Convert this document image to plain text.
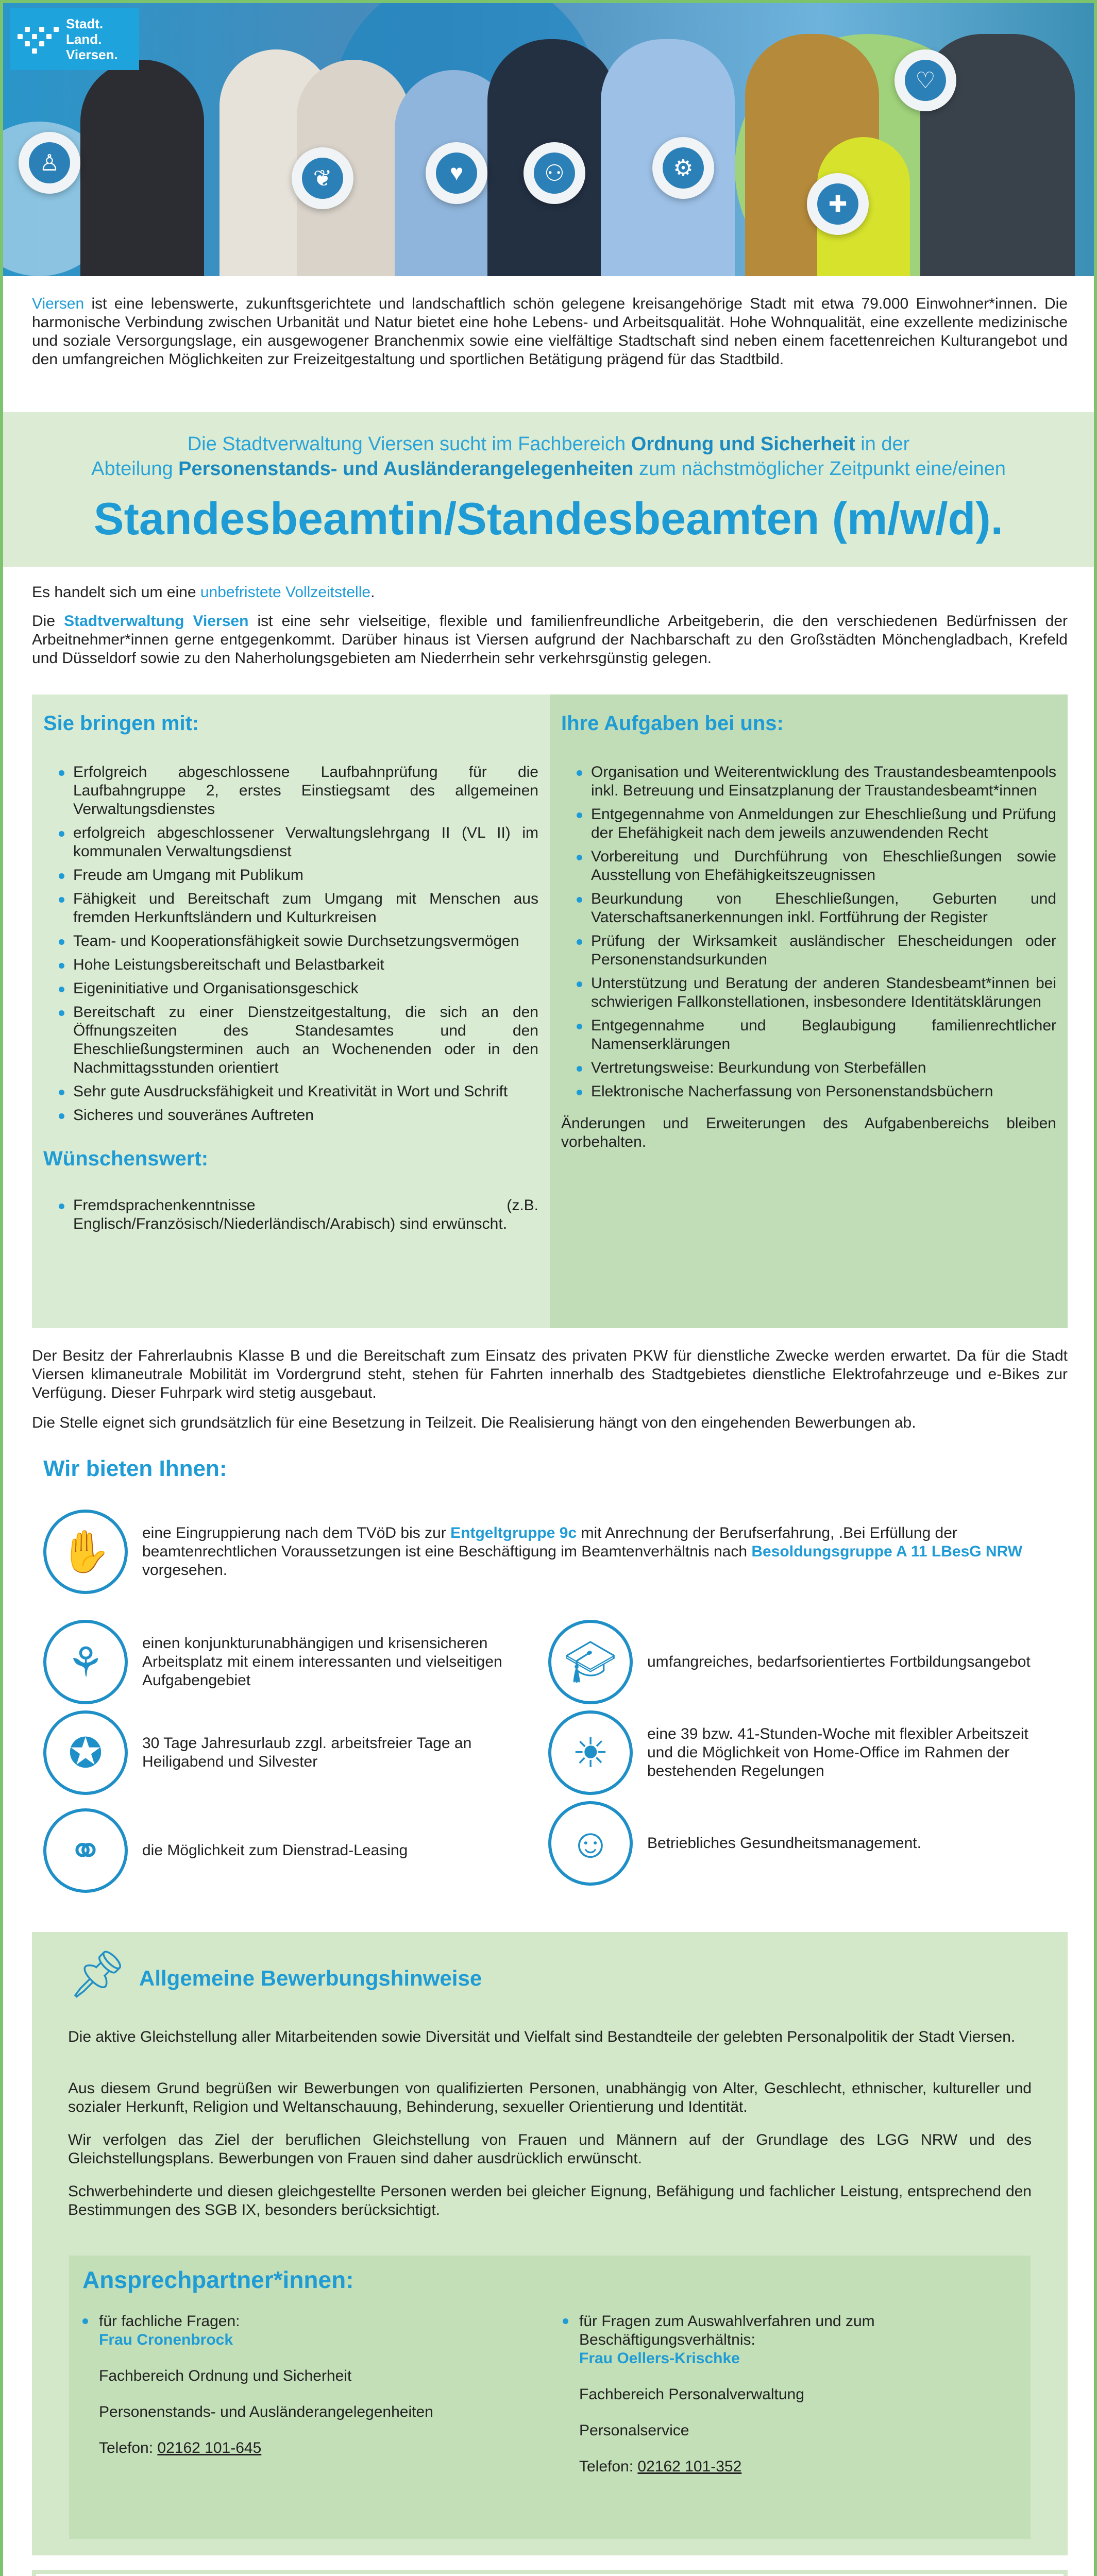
♙
❦	♥	⚇	⚙
✚
♡
Stadt.
Land.
Viersen.
Viersen ist eine lebenswerte, zukunftsgerichtete und landschaftlich schön gelegene kreisangehörige Stadt mit etwa 79.000 Einwohner*innen. Die harmonische Verbindung zwischen Urbanität und Natur bietet eine hohe Lebens- und Arbeitsqualität. Hohe Wohnqualität, eine exzellente medizinische und soziale Versorgungslage, ein ausgewogener Branchenmix sowie eine vielfältige Stadtschaft sind neben einem facettenreichen Kulturangebot und den umfangreichen Möglichkeiten zur Freizeitgestaltung und sportlichen Betätigung prägend für das Stadtbild.
Die Stadtverwaltung Viersen sucht im Fachbereich Ordnung und Sicherheit in der
Abteilung Personenstands- und Ausländerangelegenheiten zum nächstmöglicher Zeitpunkt eine/einen
Standesbeamtin/Standesbeamten (m/w/d).
Es handelt sich um eine unbefristete Vollzeitstelle.
Die Stadtverwaltung Viersen ist eine sehr vielseitige, flexible und familienfreundliche Arbeitgeberin, die den verschiedenen Bedürfnissen der Arbeitnehmer*innen gerne entgegenkommt. Darüber hinaus ist Viersen aufgrund der Nachbarschaft zu den Großstädten Mönchengladbach, Krefeld und Düsseldorf sowie zu den Naherholungsgebieten am Niederrhein sehr verkehrsgünstig gelegen.
Sie bringen mit:
Erfolgreich abgeschlossene Laufbahnprüfung für die Laufbahngruppe 2, erstes Einstiegsamt des allgemeinen Verwaltungsdienstes
erfolgreich abgeschlossener Verwaltungslehrgang II (VL II) im kommunalen Verwaltungsdienst
Freude am Umgang mit Publikum
Fähigkeit und Bereitschaft zum Umgang mit Menschen aus fremden Herkunftsländern und Kulturkreisen
Team- und Kooperationsfähigkeit sowie Durchsetzungsvermögen
Hohe Leistungsbereitschaft und Belastbarkeit
Eigeninitiative und Organisationsgeschick
Bereitschaft zu einer Dienstzeitgestaltung, die sich an den Öffnungszeiten des Standesamtes und den Eheschließungsterminen auch an Wochenenden oder in den Nachmittagsstunden orientiert
Sehr gute Ausdrucksfähigkeit und Kreativität in Wort und Schrift
Sicheres und souveränes Auftreten
Wünschenswert:
Fremdsprachenkenntnisse (z.B. Englisch/Französisch/Niederländisch/Arabisch) sind erwünscht.
Ihre Aufgaben bei uns:
Organisation und Weiterentwicklung des Traustandesbeamtenpools inkl. Betreuung und Einsatzplanung der Traustandesbeamt*innen
Entgegennahme von Anmeldungen zur Eheschließung und Prüfung der Ehefähigkeit nach dem jeweils anzuwendenden Recht
Vorbereitung und Durchführung von Eheschließungen sowie Ausstellung von Ehefähigkeitszeugnissen
Beurkundung von Eheschließungen, Geburten und Vaterschaftsanerkennungen inkl. Fortführung der Register
Prüfung der Wirksamkeit ausländischer Ehescheidungen oder Personenstandsurkunden
Unterstützung und Beratung der anderen Standesbeamt*innen bei schwierigen Fallkonstellationen, insbesondere Identitätsklärungen
Entgegennahme und Beglaubigung familienrechtlicher Namenserklärungen
Vertretungsweise: Beurkundung von Sterbefällen
Elektronische Nacherfassung von Personenstandsbüchern
Änderungen und Erweiterungen des Aufgabenbereichs bleiben vorbehalten.
Der Besitz der Fahrerlaubnis Klasse B und die Bereitschaft zum Einsatz des privaten PKW für dienstliche Zwecke werden erwartet. Da für die Stadt Viersen klimaneutrale Mobilität im Vordergrund steht, stehen für Fahrten innerhalb des Stadtgebietes dienstliche Elektrofahrzeuge und e-Bikes zur Verfügung. Dieser Fuhrpark wird stetig ausgebaut.
Die Stelle eignet sich grundsätzlich für eine Besetzung in Teilzeit. Die Realisierung hängt von den eingehenden Bewerbungen ab.
Wir bieten Ihnen:
✋	eine Eingruppierung nach dem TVöD bis zur Entgeltgruppe 9c mit Anrechnung der Berufserfahrung, .Bei Erfüllung der beamtenrechtlichen Voraussetzungen ist eine Beschäftigung im Beamtenverhältnis nach Besoldungsgruppe A 11 LBesG NRW vorgesehen.
⚘	einen konjunkturunabhängigen und krisensicheren Arbeitsplatz mit einem interessanten und vielseitigen Aufgabengebiet	🎓︎	umfangreiches, bedarfsorientiertes Fortbildungsangebot
✪	30 Tage Jahresurlaub zzgl. arbeitsfreier Tage an Heiligabend und Silvester	☀	eine 39 bzw. 41-Stunden-Woche mit flexibler Arbeitszeit und die Möglichkeit von Home-Office im Rahmen der bestehenden Regelungen
⚭	die Möglichkeit zum Dienstrad-Leasing	☺	Betriebliches Gesundheitsmanagement.
📌︎ Allgemeine Bewerbungshinweise
Die aktive Gleichstellung aller Mitarbeitenden sowie Diversität und Vielfalt sind Bestandteile der gelebten Personalpolitik der Stadt Viersen.
Aus diesem Grund begrüßen wir Bewerbungen von qualifizierten Personen, unabhängig von Alter, Geschlecht, ethnischer, kultureller und sozialer Herkunft, Religion und Weltanschauung, Behinderung, sexueller Orientierung und Identität.
Wir verfolgen das Ziel der beruflichen Gleichstellung von Frauen und Männern auf der Grundlage des LGG NRW und des Gleichstellungsplans. Bewerbungen von Frauen sind daher ausdrücklich erwünscht.
Schwerbehinderte und diesen gleichgestellte Personen werden bei gleicher Eignung, Befähigung und fachlicher Leistung, entsprechend den Bestimmungen des SGB IX, besonders berücksichtigt.
Ansprechpartner*innen:
für fachliche Fragen:
Frau Cronenbrock
Fachbereich Ordnung und Sicherheit
Personenstands- und Ausländerangelegenheiten
Telefon: 02162 101-645
für Fragen zum Auswahlverfahren und zum Beschäftigungsverhältnis:
Frau Oellers-Krischke
Fachbereich Personalverwaltung
Personalservice
Telefon: 02162 101-352
